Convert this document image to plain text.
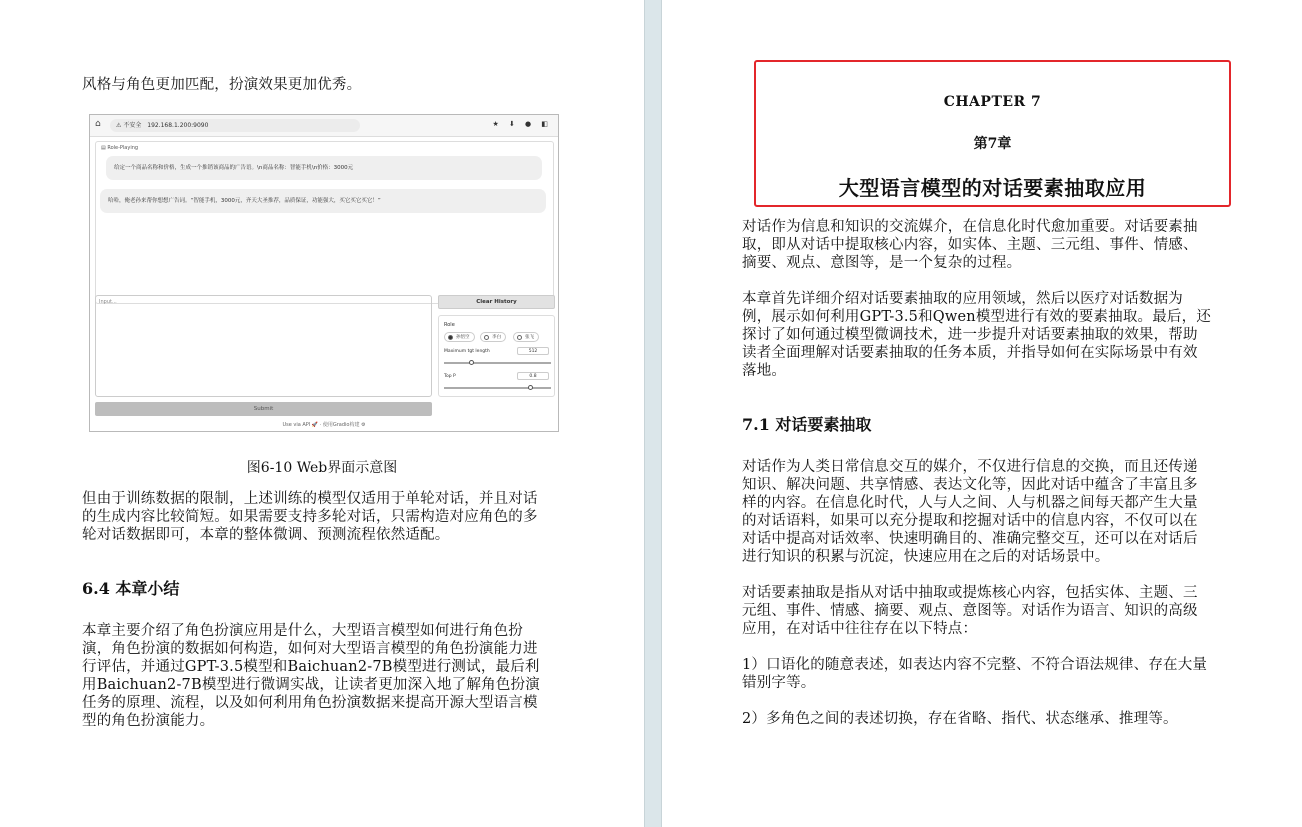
风格与角色更加匹配，扮演效果更加优秀。
⌂	⚠ 不安全 192.168.1.200:9090	★ ⬇ ● ◧
▤ Role-Playing
给定一个商品名称和价格，生成一个推销该商品的广告语。\n商品名称：智能手机\n价格：3000元
哈哈，俺老孙来帮你想想广告词。“智能手机，3000元，齐天大圣推荐，品质保证，功能强大，买它买它买它！”
Input...	Clear History
Role
孙悟空	李白	张飞
Maximum tgt length	512
Top P	0.8
Submit
Use via API 🚀 · 使用Gradio构建 ⚙
图6-10 Web界面示意图
但由于训练数据的限制，上述训练的模型仅适用于单轮对话，并且对话的生成内容比较简短。如果需要支持多轮对话，只需构造对应角色的多轮对话数据即可，本章的整体微调、预测流程依然适配。
6.4 本章小结
本章主要介绍了角色扮演应用是什么，大型语言模型如何进行角色扮演，角色扮演的数据如何构造，如何对大型语言模型的角色扮演能力进行评估，并通过GPT-3.5模型和Baichuan2-7B模型进行测试，最后利用Baichuan2-7B模型进行微调实战，让读者更加深入地了解角色扮演任务的原理、流程，以及如何利用角色扮演数据来提高开源大型语言模型的角色扮演能力。
CHAPTER 7
第7章
大型语言模型的对话要素抽取应用
对话作为信息和知识的交流媒介，在信息化时代愈加重要。对话要素抽取，即从对话中提取核心内容，如实体、主题、三元组、事件、情感、摘要、观点、意图等，是一个复杂的过程。
本章首先详细介绍对话要素抽取的应用领域，然后以医疗对话数据为例，展示如何利用GPT-3.5和Qwen模型进行有效的要素抽取。最后，还探讨了如何通过模型微调技术，进一步提升对话要素抽取的效果，帮助读者全面理解对话要素抽取的任务本质，并指导如何在实际场景中有效落地。
7.1 对话要素抽取
对话作为人类日常信息交互的媒介，不仅进行信息的交换，而且还传递知识、解决问题、共享情感、表达文化等，因此对话中蕴含了丰富且多样的内容。在信息化时代，人与人之间、人与机器之间每天都产生大量的对话语料，如果可以充分提取和挖掘对话中的信息内容，不仅可以在对话中提高对话效率、快速明确目的、准确完整交互，还可以在对话后进行知识的积累与沉淀，快速应用在之后的对话场景中。
对话要素抽取是指从对话中抽取或提炼核心内容，包括实体、主题、三元组、事件、情感、摘要、观点、意图等。对话作为语言、知识的高级应用，在对话中往往存在以下特点：
1）口语化的随意表述，如表达内容不完整、不符合语法规律、存在大量错别字等。
2）多角色之间的表述切换，存在省略、指代、状态继承、推理等。
